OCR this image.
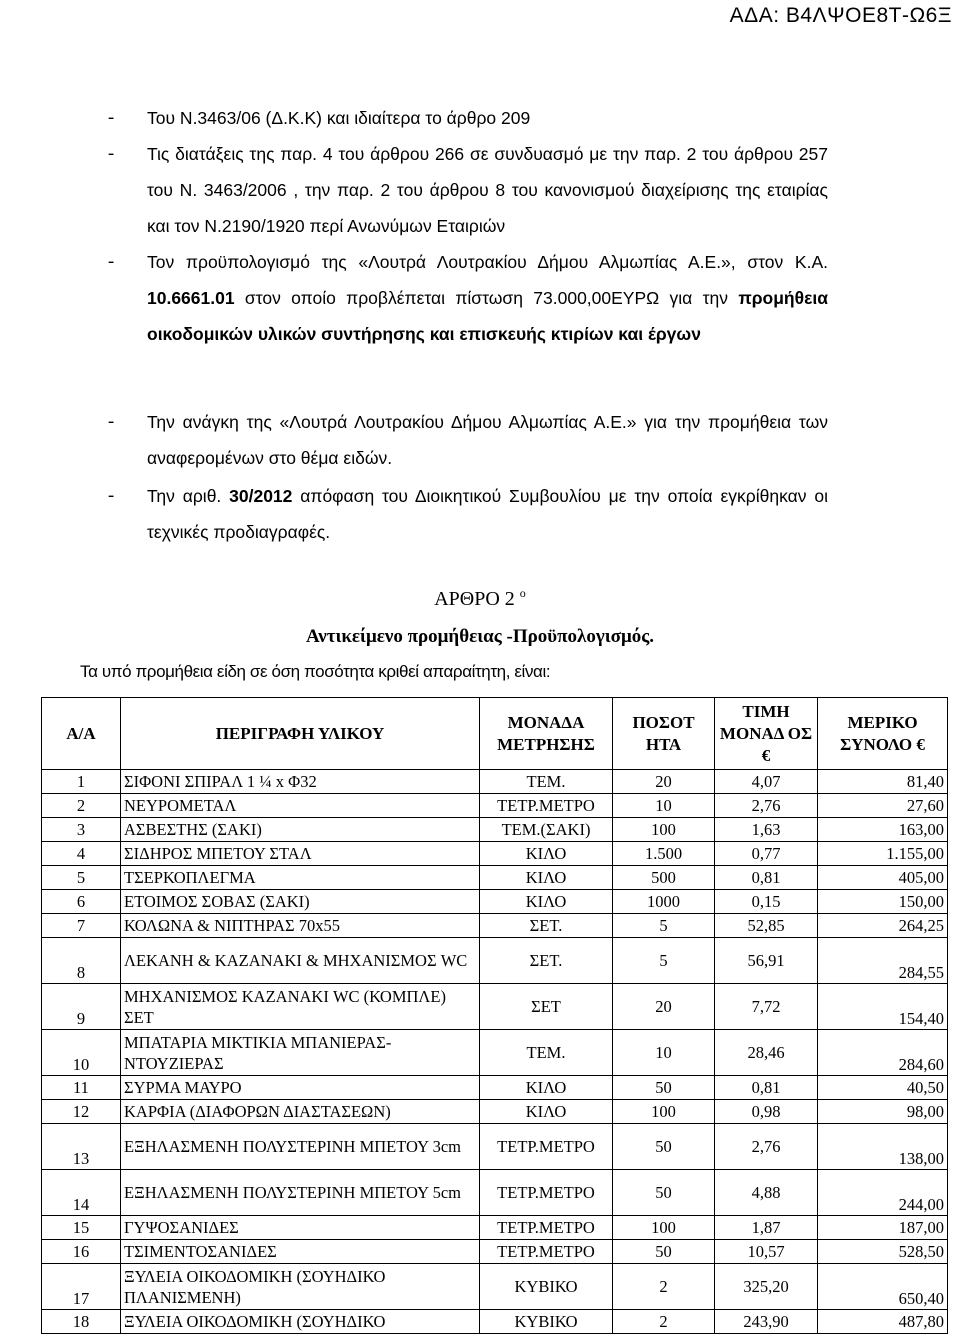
ΑΔΑ: Β4ΛΨΟΕ8Τ-Ω6Ξ
-	Του Ν.3463/06 (Δ.Κ.Κ) και ιδιαίτερα το άρθρο 209
-	Τις διατάξεις της παρ. 4 του άρθρου 266 σε συνδυασμό με την παρ. 2 του άρθρου 257 του Ν. 3463/2006 , την παρ. 2 του άρθρου 8 του κανονισμού διαχείρισης της εταιρίας και τον Ν.2190/1920 περί Ανωνύμων Εταιριών
-	Τον προϋπολογισμό της «Λουτρά Λουτρακίου Δήμου Αλμωπίας Α.Ε.», στον Κ.Α. 10.6661.01 στον οποίο προβλέπεται πίστωση 73.000,00ΕΥΡΩ για την προμήθεια οικοδομικών υλικών συντήρησης και επισκευής κτιρίων και έργων
-	Την ανάγκη της «Λουτρά Λουτρακίου Δήμου Αλμωπίας Α.Ε.» για την προμήθεια των αναφερομένων στο θέμα ειδών.
-	Την αριθ. 30/2012 απόφαση του Διοικητικού Συμβουλίου με την οποία εγκρίθηκαν οι τεχνικές προδιαγραφές.
ΑΡΘΡΟ 2 $^o$
Αντικείμενο προμήθειας -Προϋπολογισμός.
Τα υπό προμήθεια είδη σε όση ποσότητα κριθεί απαραίτητη, είναι:
Α/Α	ΠΕΡΙΓΡΑΦΗ ΥΛΙΚΟΥ	ΜΟΝΑΔΑ ΜΕΤΡΗΣΗΣ	ΠΟΣΟΤ ΗΤΑ	ΤΙΜΗ ΜΟΝΑΔ ΟΣ €	ΜΕΡΙΚΟ ΣΥΝΟΛΟ €
1	ΣΙΦΟΝΙ ΣΠΙΡΑΛ 1 ¼ x Φ32	ΤΕΜ.	20	4,07	81,40
2	ΝΕΥΡΟΜΕΤΑΛ	ΤΕΤΡ.ΜΕΤΡΟ	10	2,76	27,60
3	ΑΣΒΕΣΤΗΣ (ΣΑΚΙ)	ΤΕΜ.(ΣΑΚΙ)	100	1,63	163,00
4	ΣΙΔΗΡΟΣ ΜΠΕΤΟΥ ΣΤΑΛ	ΚΙΛΟ	1.500	0,77	1.155,00
5	ΤΣΕΡΚΟΠΛΕΓΜΑ	ΚΙΛΟ	500	0,81	405,00
6	ΕΤΟΙΜΟΣ ΣΟΒΑΣ (ΣΑΚΙ)	ΚΙΛΟ	1000	0,15	150,00
7	ΚΟΛΩΝΑ & ΝΙΠΤΗΡΑΣ 70x55	ΣΕΤ.	5	52,85	264,25
8	ΛΕΚΑΝΗ & ΚΑΖΑΝΑΚΙ & ΜΗΧΑΝΙΣΜΟΣ WC	ΣΕΤ.	5	56,91	284,55
9	ΜΗΧΑΝΙΣΜΟΣ ΚΑΖΑΝΑΚΙ WC (ΚΟΜΠΛΕ) ΣΕΤ	ΣΕΤ	20	7,72	154,40
10	ΜΠΑΤΑΡΙΑ ΜΙΚΤΙΚΙΑ ΜΠΑΝΙΕΡΑΣ-ΝΤΟΥΖΙΕΡΑΣ	ΤΕΜ.	10	28,46	284,60
11	ΣΥΡΜΑ ΜΑΥΡΟ	ΚΙΛΟ	50	0,81	40,50
12	ΚΑΡΦΙΑ (ΔΙΑΦΟΡΩΝ ΔΙΑΣΤΑΣΕΩΝ)	ΚΙΛΟ	100	0,98	98,00
13	ΕΞΗΛΑΣΜΕΝΗ ΠΟΛΥΣΤΕΡΙΝΗ ΜΠΕΤΟΥ 3cm	ΤΕΤΡ.ΜΕΤΡΟ	50	2,76	138,00
14	ΕΞΗΛΑΣΜΕΝΗ ΠΟΛΥΣΤΕΡΙΝΗ ΜΠΕΤΟΥ 5cm	ΤΕΤΡ.ΜΕΤΡΟ	50	4,88	244,00
15	ΓΥΨΟΣΑΝΙΔΕΣ	ΤΕΤΡ.ΜΕΤΡΟ	100	1,87	187,00
16	ΤΣΙΜΕΝΤΟΣΑΝΙΔΕΣ	ΤΕΤΡ.ΜΕΤΡΟ	50	10,57	528,50
17	ΞΥΛΕΙΑ ΟΙΚΟΔΟΜΙΚΗ (ΣΟΥΗΔΙΚΟ ΠΛΑΝΙΣΜΕΝΗ)	ΚΥΒΙΚΟ	2	325,20	650,40
18	ΞΥΛΕΙΑ ΟΙΚΟΔΟΜΙΚΗ (ΣΟΥΗΔΙΚΟ	ΚΥΒΙΚΟ	2	243,90	487,80
